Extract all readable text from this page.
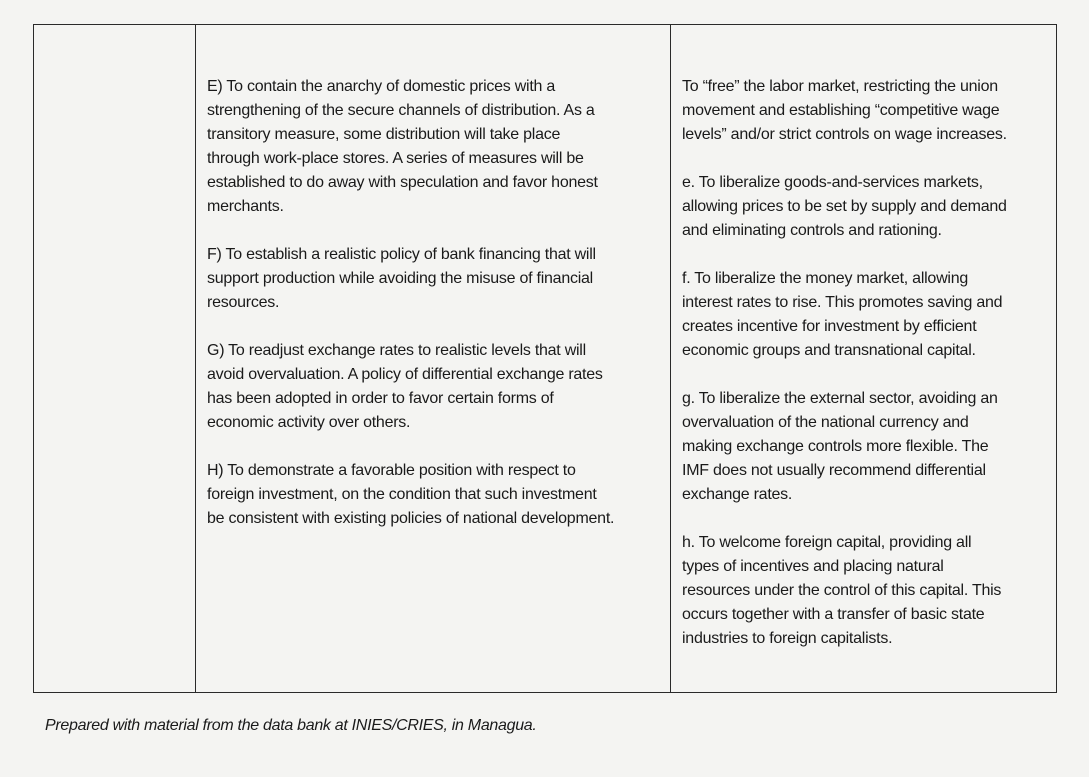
E) To contain the anarchy of domestic prices with a
strengthening of the secure channels of distribution. As a
transitory measure, some distribution will take place
through work-place stores. A series of measures will be
established to do away with speculation and favor honest
merchants.

F) To establish a realistic policy of bank financing that will
support production while avoiding the misuse of financial
resources.

G) To readjust exchange rates to realistic levels that will
avoid overvaluation. A policy of differential exchange rates
has been adopted in order to favor certain forms of
economic activity over others.

H) To demonstrate a favorable position with respect to
foreign investment, on the condition that such investment
be consistent with existing policies of national development.

To “free” the labor market, restricting the union
movement and establishing “competitive wage
levels” and/or strict controls on wage increases.

e. To liberalize goods-and-services markets,
allowing prices to be set by supply and demand
and eliminating controls and rationing.

f. To liberalize the money market, allowing
interest rates to rise. This promotes saving and
creates incentive for investment by efficient
economic groups and transnational capital.

g. To liberalize the external sector, avoiding an
overvaluation of the national currency and
making exchange controls more flexible. The
IMF does not usually recommend differential
exchange rates.

h. To welcome foreign capital, providing all
types of incentives and placing natural
resources under the control of this capital. This
occurs together with a transfer of basic state
industries to foreign capitalists.

Prepared with material from the data bank at INIES/CRIES, in Managua.
